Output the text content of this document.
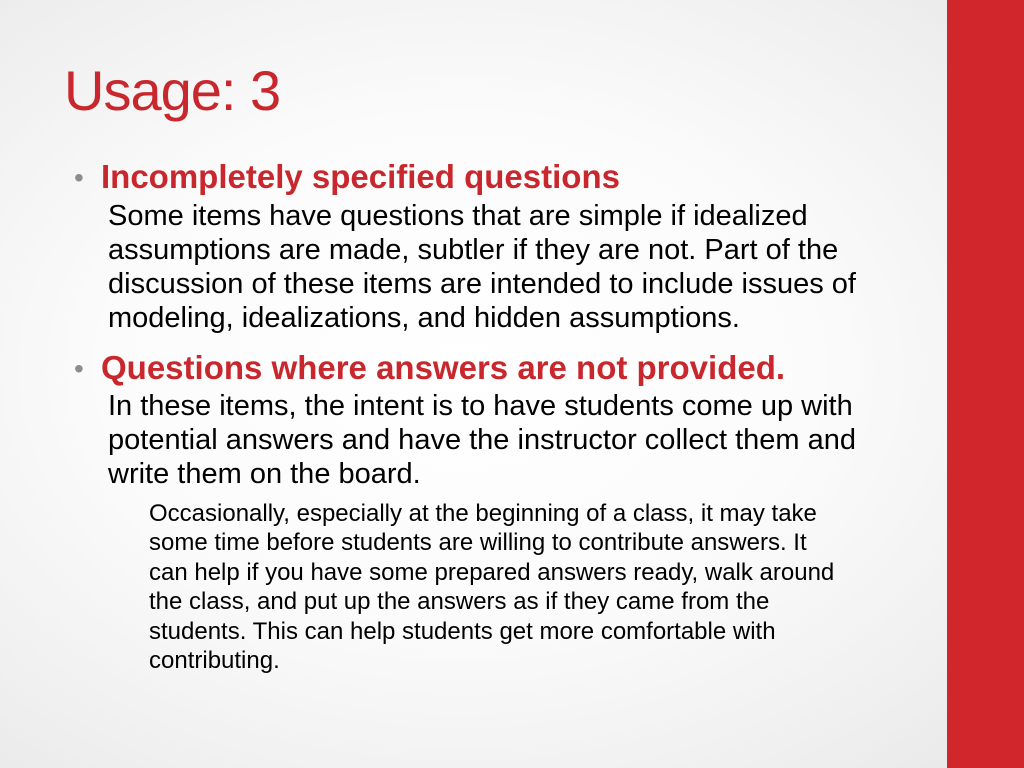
Usage: 3
• Incompletely specified questions
Some items have questions that are simple if idealized assumptions are made, subtler if they are not. Part of the discussion of these items are intended to include issues of modeling, idealizations, and hidden assumptions.
• Questions where answers are not provided.
In these items, the intent is to have students come up with potential answers and have the instructor collect them and write them on the board.
Occasionally, especially at the beginning of a class, it may take some time before students are willing to contribute answers. It can help if you have some prepared answers ready, walk around the class, and put up the answers as if they came from the students. This can help students get more comfortable with contributing.
